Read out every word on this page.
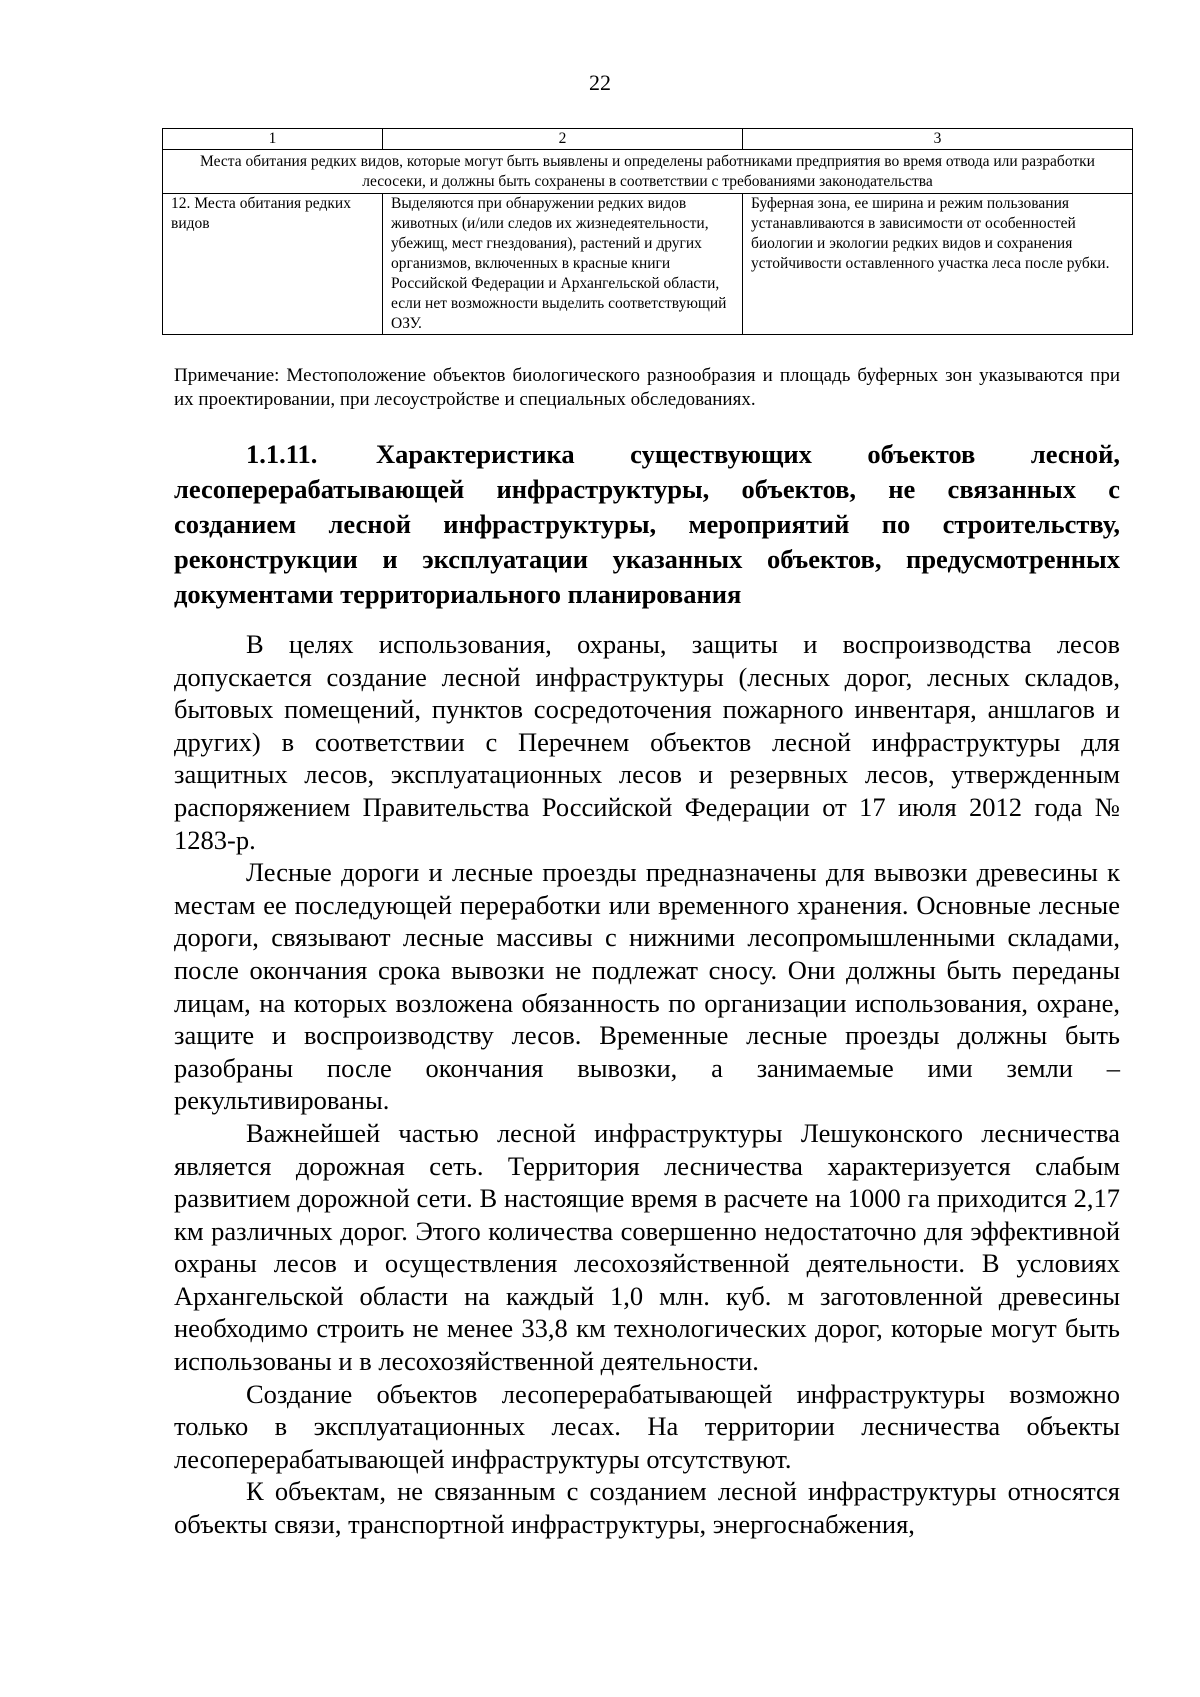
22
1	2	3
Места обитания редких видов, которые могут быть выявлены и определены работниками предприятия во время отвода или разработки лесосеки, и должны быть сохранены в соответствии с требованиями законодательства		
12. Места обитания редких видов	Выделяются при обнаружении редких видов животных (и/или следов их жизнедеятельности, убежищ, мест гнездования), растений и других организмов, включенных в красные книги Российской Федерации и Архангельской области, если нет возможности выделить соответствующий ОЗУ.	Буферная зона, ее ширина и режим пользования устанавливаются в зависимости от особенностей биологии и экологии редких видов и сохранения устойчивости оставленного участка леса после рубки.
Примечание: Местоположение объектов биологического разнообразия и площадь буферных зон указываются при их проектировании, при лесоустройстве и специальных обследованиях.
1.1.11. Характеристика существующих объектов лесной,
лесоперерабатывающей инфраструктуры, объектов, не связанных с
созданием лесной инфраструктуры, мероприятий по строительству,
реконструкции и эксплуатации указанных объектов, предусмотренных
документами территориального планирования

В целях использования, охраны, защиты и воспроизводства лесов допускается создание лесной инфраструктуры (лесных дорог, лесных складов, бытовых помещений, пунктов сосредоточения пожарного инвентаря, аншлагов и других) в соответствии с Перечнем объектов лесной инфраструктуры для защитных лесов, эксплуатационных лесов и резервных лесов, утвержденным распоряжением Правительства Российской Федерации от 17 июля 2012 года № 1283-р.

Лесные дороги и лесные проезды предназначены для вывозки древесины к местам ее последующей переработки или временного хранения. Основные лесные дороги, связывают лесные массивы с нижними лесопромышленными складами, после окончания срока вывозки не подлежат сносу. Они должны быть переданы лицам, на которых возложена обязанность по организации использования, охране, защите и воспроизводству лесов. Временные лесные проезды должны быть разобраны после окончания вывозки, а занимаемые ими земли – рекультивированы.

Важнейшей частью лесной инфраструктуры Лешуконского лесничества является дорожная сеть. Территория лесничества характеризуется слабым развитием дорожной сети. В настоящие время в расчете на 1000 га приходится 2,17 км различных дорог. Этого количества совершенно недостаточно для эффективной охраны лесов и осуществления лесохозяйственной деятельности. В условиях Архангельской области на каждый 1,0 млн. куб. м заготовленной древесины необходимо строить не менее 33,8 км технологических дорог, которые могут быть использованы и в лесохозяйственной деятельности.

Создание объектов лесоперерабатывающей инфраструктуры возможно только в эксплуатационных лесах. На территории лесничества объекты лесоперерабатывающей инфраструктуры отсутствуют.

К объектам, не связанным с созданием лесной инфраструктуры относятся объекты связи, транспортной инфраструктуры, энергоснабжения,
